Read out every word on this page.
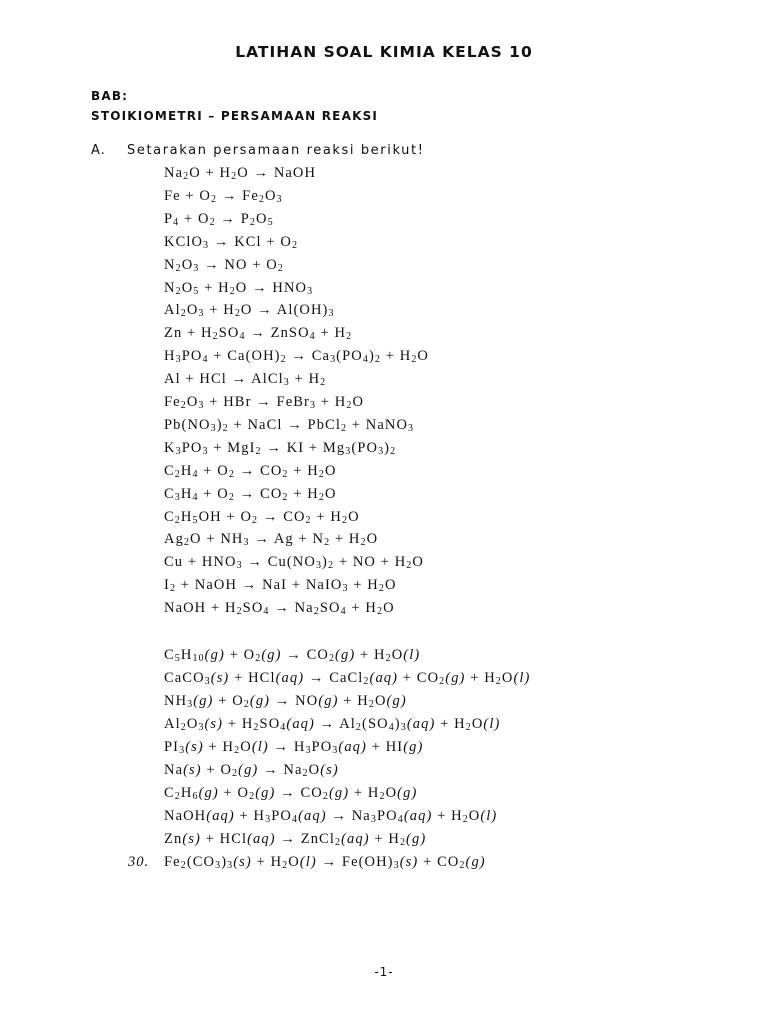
LATIHAN SOAL KIMIA KELAS 10
BAB:
STOIKIOMETRI – PERSAMAAN REAKSI
A. Setarakan persamaan reaksi berikut!
$Na_2O + H_2O$ → NaOH
$Fe + O_2 \to Fe_2O_3$
$P_4 + O_2 \to P_2O_5$
KClO$_3$ → KCl + $O_2$
$N_2O_3$ → NO + $O_2$
$N_2O_5 + H_2O \to HNO_3$
$Al_2O_3 + H_2O \to Al(OH)_3$
$Zn + H_2SO_4$ → ZnSO$_4$ + $H_2$
$H_3PO_4 + Ca(OH)_2 \to Ca_3(PO_4)_2 + H_2O$
Al + HCl → AlCl$_3$ + $H_2$
$Fe_2O_3$ + HBr → FeBr$_3$ + $H_2O$
$Pb(NO_3)_2$ + NaCl → PbCl$_2$ + NaNO$_3$
$K_3PO_3 + MgI_2$ → KI + $Mg_3(PO_3)_2$
$C_2H_4 + O_2 \to CO_2 + H_2O$
$C_3H_4 + O_2 \to CO_2 + H_2O$
$C_2H_5OH + O_2 \to CO_2 + H_2O$
$Ag_2O + NH_3 \to Ag + N_2 + H_2O$
$Cu + HNO_3 \to Cu(NO_3)_2$ + NO + $H_2O$
$I_2$ + NaOH → NaI + NaIO$_3$ + $H_2O$
NaOH + $H_2SO_4 \to Na_2SO_4 + H_2O$
$C_5H_{10}(g) + O_2(g) \to CO_2(g) + H_2O(l)$
CaCO$_3$(s) + HCl(aq) → CaCl$_2$(aq) + $CO_2(g) + H_2O(l)$
$NH_3(g) + O_2(g) \to NO(g) + H_2O(g)$
$Al_2O_3(s) + H_2SO_4(aq) \to Al_2(SO_4)_3(aq) + H_2O(l)$
$PI_3(s) + H_2O(l) \to H_3PO_3(aq) + HI(g)$
$Na(s) + O_2(g) \to Na_2O(s)$
$C_2H_6(g) + O_2(g) \to CO_2(g) + H_2O(g)$
NaOH(aq) + $H_3PO_4(aq) \to Na_3PO_4(aq) + H_2O(l)$
Zn(s) + HCl(aq) → ZnCl$_2$(aq) + $H_2(g)$
$Fe_2(CO_3)_3(s) + H_2O(l) \to Fe(OH)_3(s) + CO_2(g)$
30.
-1-
